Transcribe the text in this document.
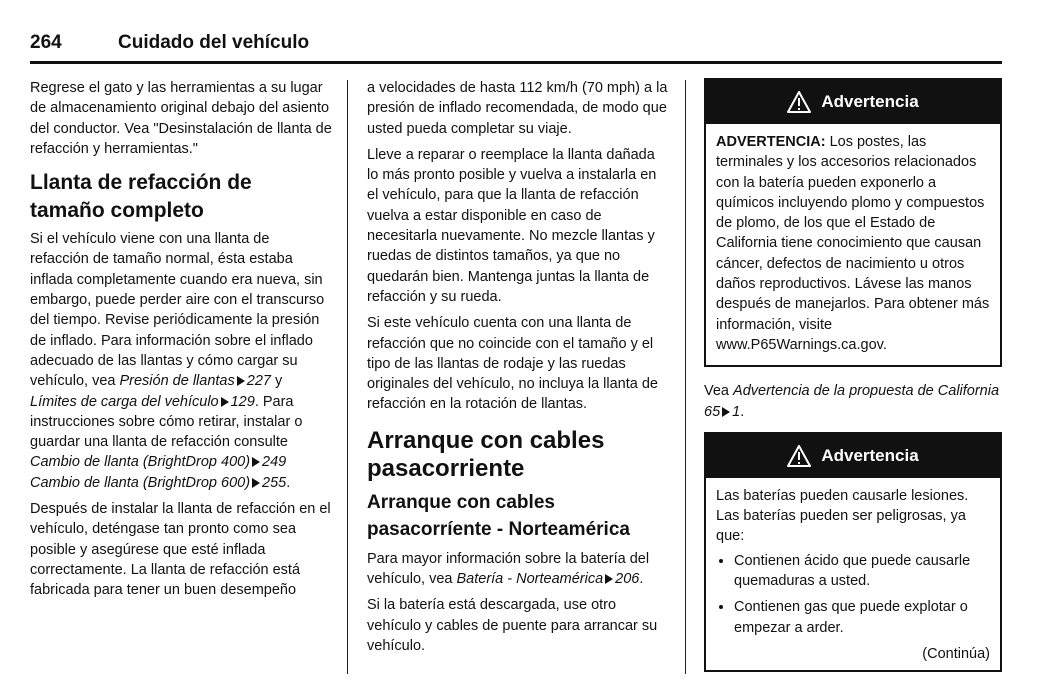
264	Cuidado del vehículo

Regrese el gato y las herramientas a su lugar de almacenamiento original debajo del asiento del conductor. Vea "Desinstalación de llanta de refacción y herramientas."

Llanta de refacción de tamaño completo

Si el vehículo viene con una llanta de refacción de tamaño normal, ésta estaba inflada completamente cuando era nueva, sin embargo, puede perder aire con el transcurso del tiempo. Revise periódicamente la presión de inflado. Para información sobre el inflado adecuado de las llantas y cómo cargar su vehículo, vea Presión de llantas 227 y Límites de carga del vehículo 129. Para instrucciones sobre cómo retirar, instalar o guardar una llanta de refacción consulte Cambio de llanta (BrightDrop 400) 249 Cambio de llanta (BrightDrop 600) 255.

Después de instalar la llanta de refacción en el vehículo, deténgase tan pronto como sea posible y asegúrese que esté inflada correctamente. La llanta de refacción está fabricada para tener un buen desempeño

a velocidades de hasta 112 km/h (70 mph) a la presión de inflado recomendada, de modo que usted pueda completar su viaje.

Lleve a reparar o reemplace la llanta dañada lo más pronto posible y vuelva a instalarla en el vehículo, para que la llanta de refacción vuelva a estar disponible en caso de necesitarla nuevamente. No mezcle llantas y ruedas de distintos tamaños, ya que no quedarán bien. Mantenga juntas la llanta de refacción y su rueda.

Si este vehículo cuenta con una llanta de refacción que no coincide con el tamaño y el tipo de las llantas de rodaje y las ruedas originales del vehículo, no incluya la llanta de refacción en la rotación de llantas.

Arranque con cables pasacorriente
Arranque con cables pasacorríente - Norteamérica

Para mayor información sobre la batería del vehículo, vea Batería - Norteamérica 206.

Si la batería está descargada, use otro vehículo y cables de puente para arrancar su vehículo.

Advertencia

ADVERTENCIA: Los postes, las terminales y los accesorios relacionados con la batería pueden exponerlo a químicos incluyendo plomo y compuestos de plomo, de los que el Estado de California tiene conocimiento que causan cáncer, defectos de nacimiento u otros daños reproductivos. Lávese las manos después de manejarlos. Para obtener más información, visite www.P65Warnings.ca.gov.

Vea Advertencia de la propuesta de California 65 1.

Advertencia

Las baterías pueden causarle lesiones. Las baterías pueden ser peligrosas, ya que:

• Contienen ácido que puede causarle quemaduras a usted.
• Contienen gas que puede explotar o empezar a arder.
(Continúa)
